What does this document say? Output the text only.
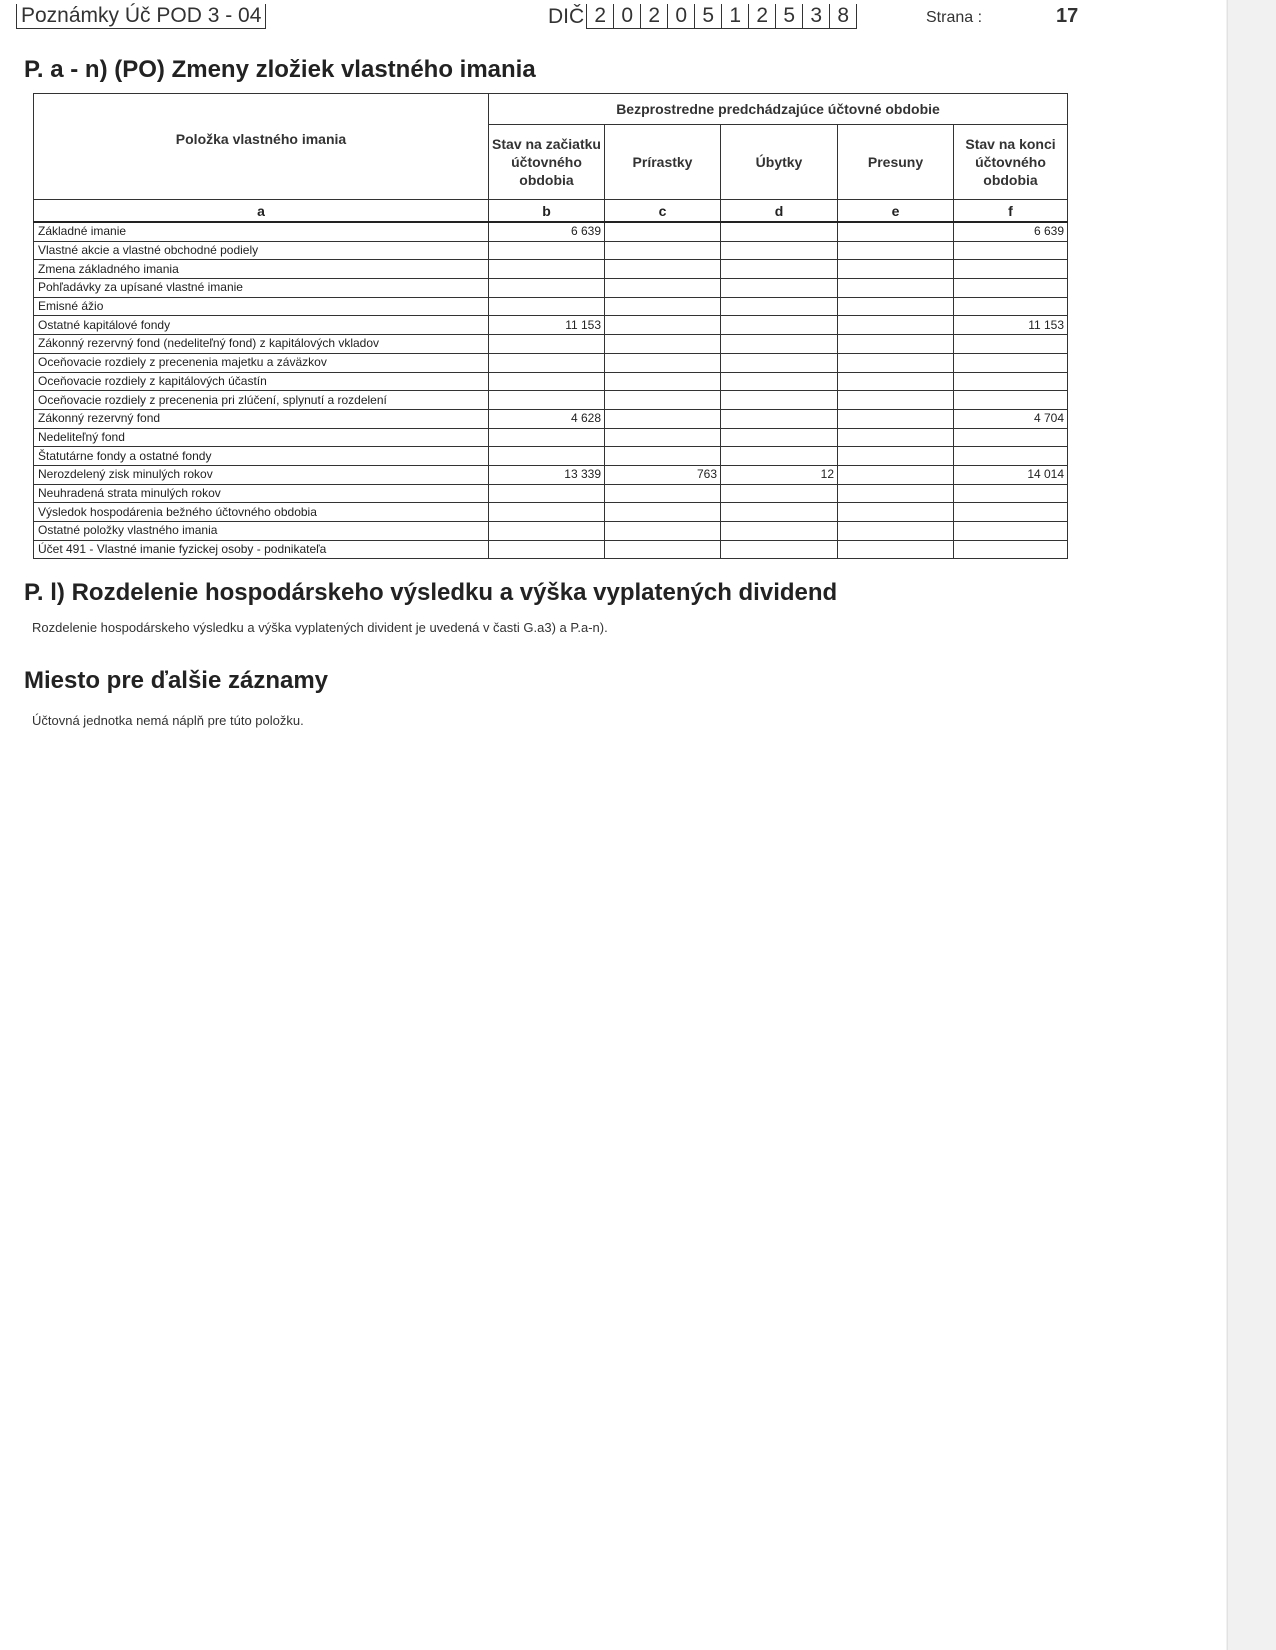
Poznámky Úč POD 3 - 04	DIČ 2 0 2 0 5 1 2 5 3 8	Strana :	17
P. a - n) (PO) Zmeny zložiek vlastného imania
Položka vlastného imania	Bezprostredne predchádzajúce účtovné obdobie				
	Stav na začiatku účtovného obdobia	Prírastky	Úbytky	Presuny	Stav na konci účtovného obdobia
a	b	c	d	e	f
Základné imanie	6 639				6 639
Vlastné akcie a vlastné obchodné podiely					
Zmena základného imania					
Pohľadávky za upísané vlastné imanie					
Emisné ážio					
Ostatné kapitálové fondy	11 153				11 153
Zákonný rezervný fond (nedeliteľný fond) z kapitálových vkladov					
Oceňovacie rozdiely z precenenia majetku a záväzkov					
Oceňovacie rozdiely z kapitálových účastín					
Oceňovacie rozdiely z precenenia pri zlúčení, splynutí a rozdelení					
Zákonný rezervný fond	4 628				4 704
Nedeliteľný fond					
Štatutárne fondy a ostatné fondy					
Nerozdelený zisk minulých rokov	13 339	763	12		14 014
Neuhradená strata minulých rokov					
Výsledok hospodárenia bežného účtovného obdobia					
Ostatné položky vlastného imania					
Účet 491 - Vlastné imanie fyzickej osoby - podnikateľa					
P. l) Rozdelenie hospodárskeho výsledku a výška vyplatených dividend

Rozdelenie hospodárskeho výsledku a výška vyplatených divident je uvedená v časti G.a3) a P.a-n).

Miesto pre ďalšie záznamy

Účtovná jednotka nemá náplň pre túto položku.
